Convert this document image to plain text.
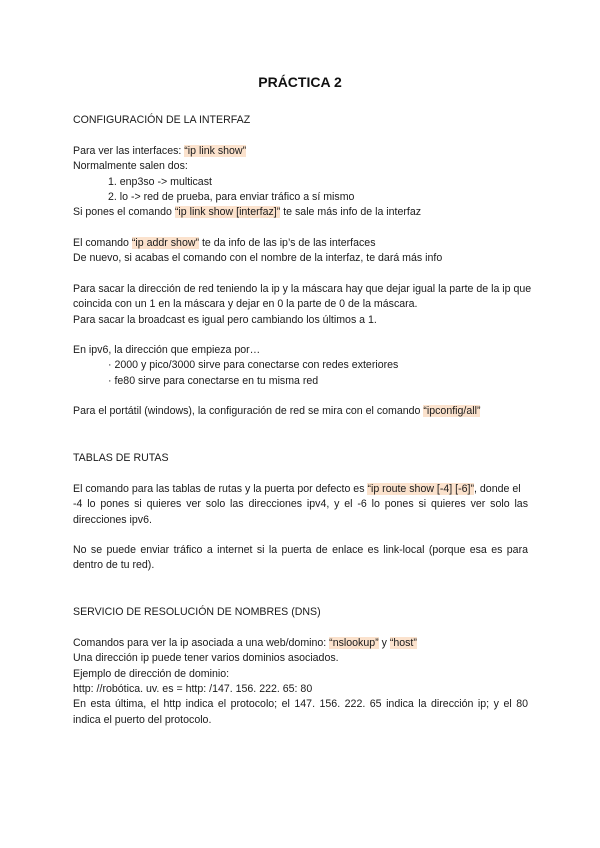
PRÁCTICA 2
CONFIGURACIÓN DE LA INTERFAZ
Para ver las interfaces: “ip link show”
Normalmente salen dos:
1. enp3so -> multicast
2. lo -> red de prueba, para enviar tráfico a sí mismo
Si pones el comando “ip link show [interfaz]” te sale más info de la interfaz
El comando “ip addr show” te da info de las ip’s de las interfaces
De nuevo, si acabas el comando con el nombre de la interfaz, te dará más info
Para sacar la dirección de red teniendo la ip y la máscara hay que dejar igual la parte de la ip que
coincida con un 1 en la máscara y dejar en 0 la parte de 0 de la máscara.
Para sacar la broadcast es igual pero cambiando los últimos a 1.
En ipv6, la dirección que empieza por…
· 2000 y pico/3000 sirve para conectarse con redes exteriores
· fe80 sirve para conectarse en tu misma red
Para el portátil (windows), la configuración de red se mira con el comando “ipconfig/all”
TABLAS DE RUTAS
El comando para las tablas de rutas y la puerta por defecto es “ip route show [-4] [-6]”, donde el
-4 lo pones si quieres ver solo las direcciones ipv4, y el -6 lo pones si quieres ver solo las
direcciones ipv6.
No se puede enviar tráfico a internet si la puerta de enlace es link-local (porque esa es para
dentro de tu red).
SERVICIO DE RESOLUCIÓN DE NOMBRES (DNS)
Comandos para ver la ip asociada a una web/domino: “nslookup” y “host”
Una dirección ip puede tener varios dominios asociados.
Ejemplo de dirección de dominio:
http: //robótica. uv. es = http: /147. 156. 222. 65: 80
En esta última, el http indica el protocolo; el 147. 156. 222. 65 indica la dirección ip; y el 80
indica el puerto del protocolo.
